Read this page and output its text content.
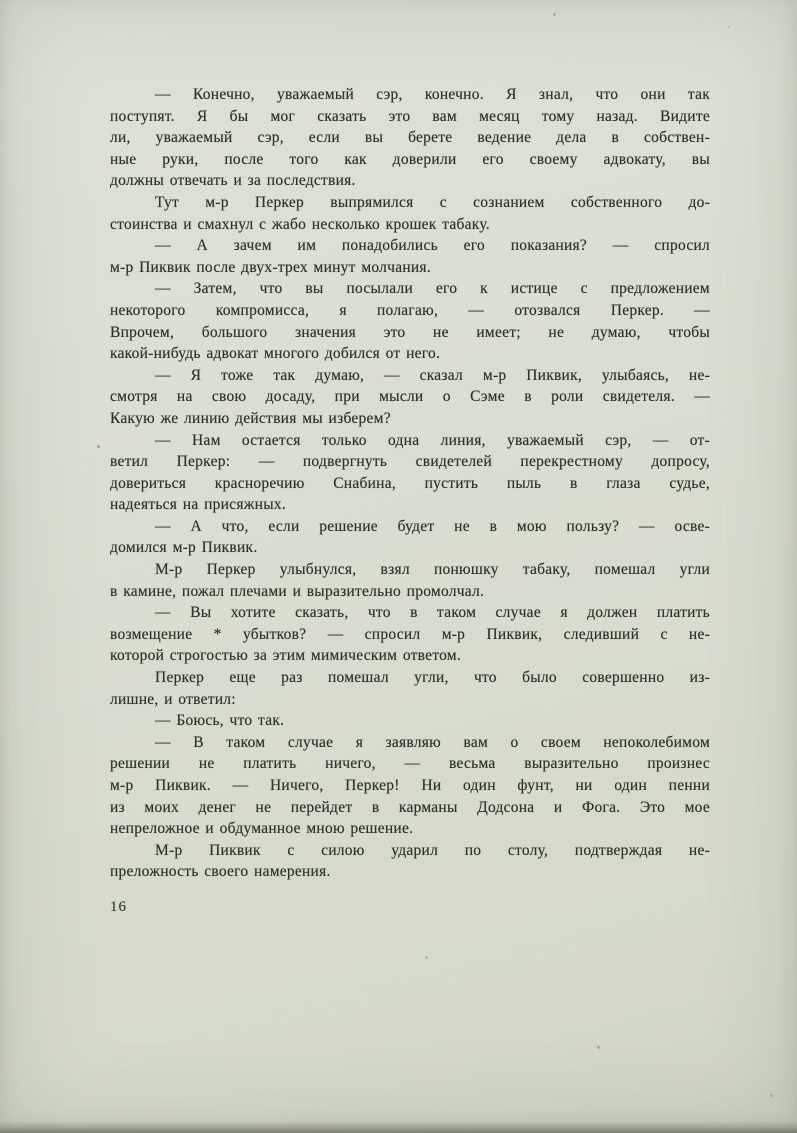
— Конечно, уважаемый сэр, конечно. Я знал, что они так
поступят. Я бы мог сказать это вам месяц тому назад. Видите
ли, уважаемый сэр, если вы берете ведение дела в собствен-
ные руки, после того как доверили его своему адвокату, вы
должны отвечать и за последствия.

Тут м-р Перкер выпрямился с сознанием собственного до-
стоинства и смахнул с жабо несколько крошек табаку.

— А зачем им понадобились его показания? — спросил
м-р Пиквик после двух-трех минут молчания.

— Затем, что вы посылали его к истице с предложением
некоторого компромисса, я полагаю, — отозвался Перкер. —
Впрочем, большого значения это не имеет; не думаю, чтобы
какой-нибудь адвокат многого добился от него.

— Я тоже так думаю, — сказал м-р Пиквик, улыбаясь, не-
смотря на свою досаду, при мысли о Сэме в роли свидетеля. —
Какую же линию действия мы изберем?

— Нам остается только одна линия, уважаемый сэр, — от-
ветил Перкер: — подвергнуть свидетелей перекрестному допросу,
довериться красноречию Снабина, пустить пыль в глаза судье,
надеяться на присяжных.

— А что, если решение будет не в мою пользу? — осве-
домился м-р Пиквик.

М-р Перкер улыбнулся, взял понюшку табаку, помешал угли
в камине, пожал плечами и выразительно промолчал.

— Вы хотите сказать, что в таком случае я должен платить
возмещение * убытков? — спросил м-р Пиквик, следивший с не-
которой строгостью за этим мимическим ответом.

Перкер еще раз помешал угли, что было совершенно из-
лишне, и ответил:

— Боюсь, что так.

— В таком случае я заявляю вам о своем непоколебимом
решении не платить ничего, — весьма выразительно произнес
м-р Пиквик. — Ничего, Перкер! Ни один фунт, ни один пенни
из моих денег не перейдет в карманы Додсона и Фога. Это мое
непреложное и обдуманное мною решение.

М-р Пиквик с силою ударил по столу, подтверждая не-
преложность своего намерения.

16
